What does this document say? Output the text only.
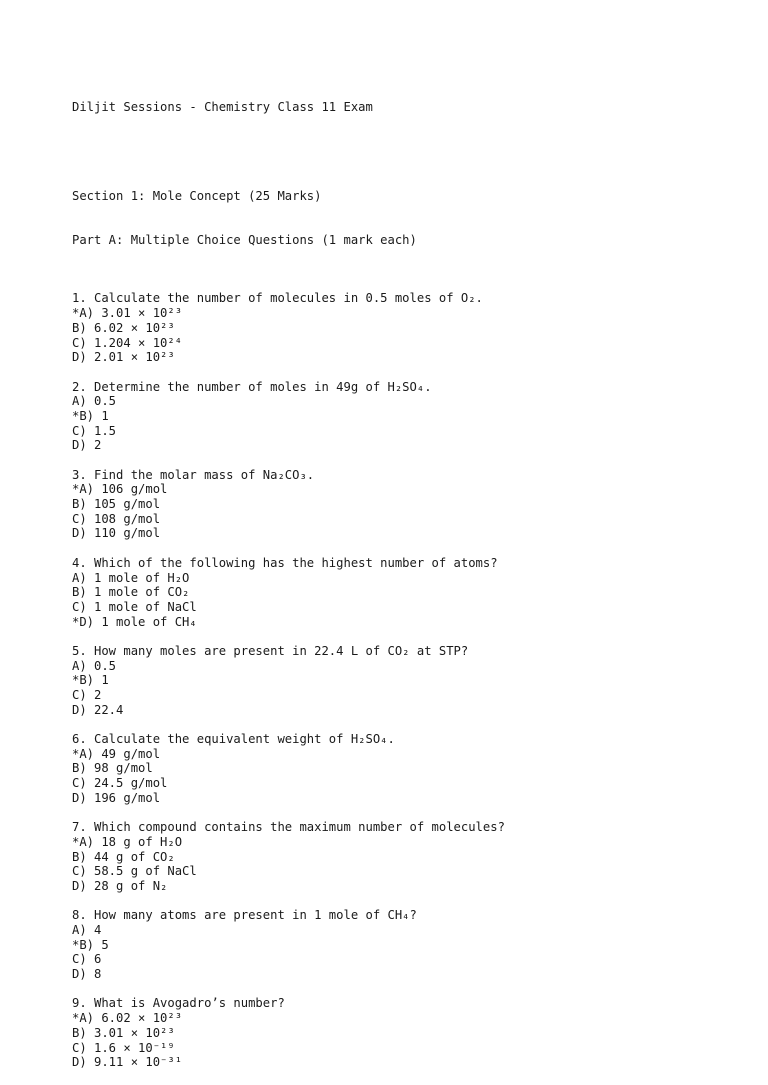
Diljit Sessions - Chemistry Class 11 Exam

Section 1: Mole Concept (25 Marks)

Part A: Multiple Choice Questions (1 mark each)

1. Calculate the number of molecules in 0.5 moles of O₂.
*A) 3.01 × 10²³
B) 6.02 × 10²³
C) 1.204 × 10²⁴
D) 2.01 × 10²³
2. Determine the number of moles in 49g of H₂SO₄.
A) 0.5
*B) 1
C) 1.5
D) 2
3. Find the molar mass of Na₂CO₃.
*A) 106 g/mol
B) 105 g/mol
C) 108 g/mol
D) 110 g/mol
4. Which of the following has the highest number of atoms?
A) 1 mole of H₂O
B) 1 mole of CO₂
C) 1 mole of NaCl
*D) 1 mole of CH₄
5. How many moles are present in 22.4 L of CO₂ at STP?
A) 0.5
*B) 1
C) 2
D) 22.4
6. Calculate the equivalent weight of H₂SO₄.
*A) 49 g/mol
B) 98 g/mol
C) 24.5 g/mol
D) 196 g/mol
7. Which compound contains the maximum number of molecules?
*A) 18 g of H₂O
B) 44 g of CO₂
C) 58.5 g of NaCl
D) 28 g of N₂
8. How many atoms are present in 1 mole of CH₄?
A) 4
*B) 5
C) 6
D) 8
9. What is Avogadro’s number?
*A) 6.02 × 10²³
B) 3.01 × 10²³
C) 1.6 × 10⁻¹⁹
D) 9.11 × 10⁻³¹
